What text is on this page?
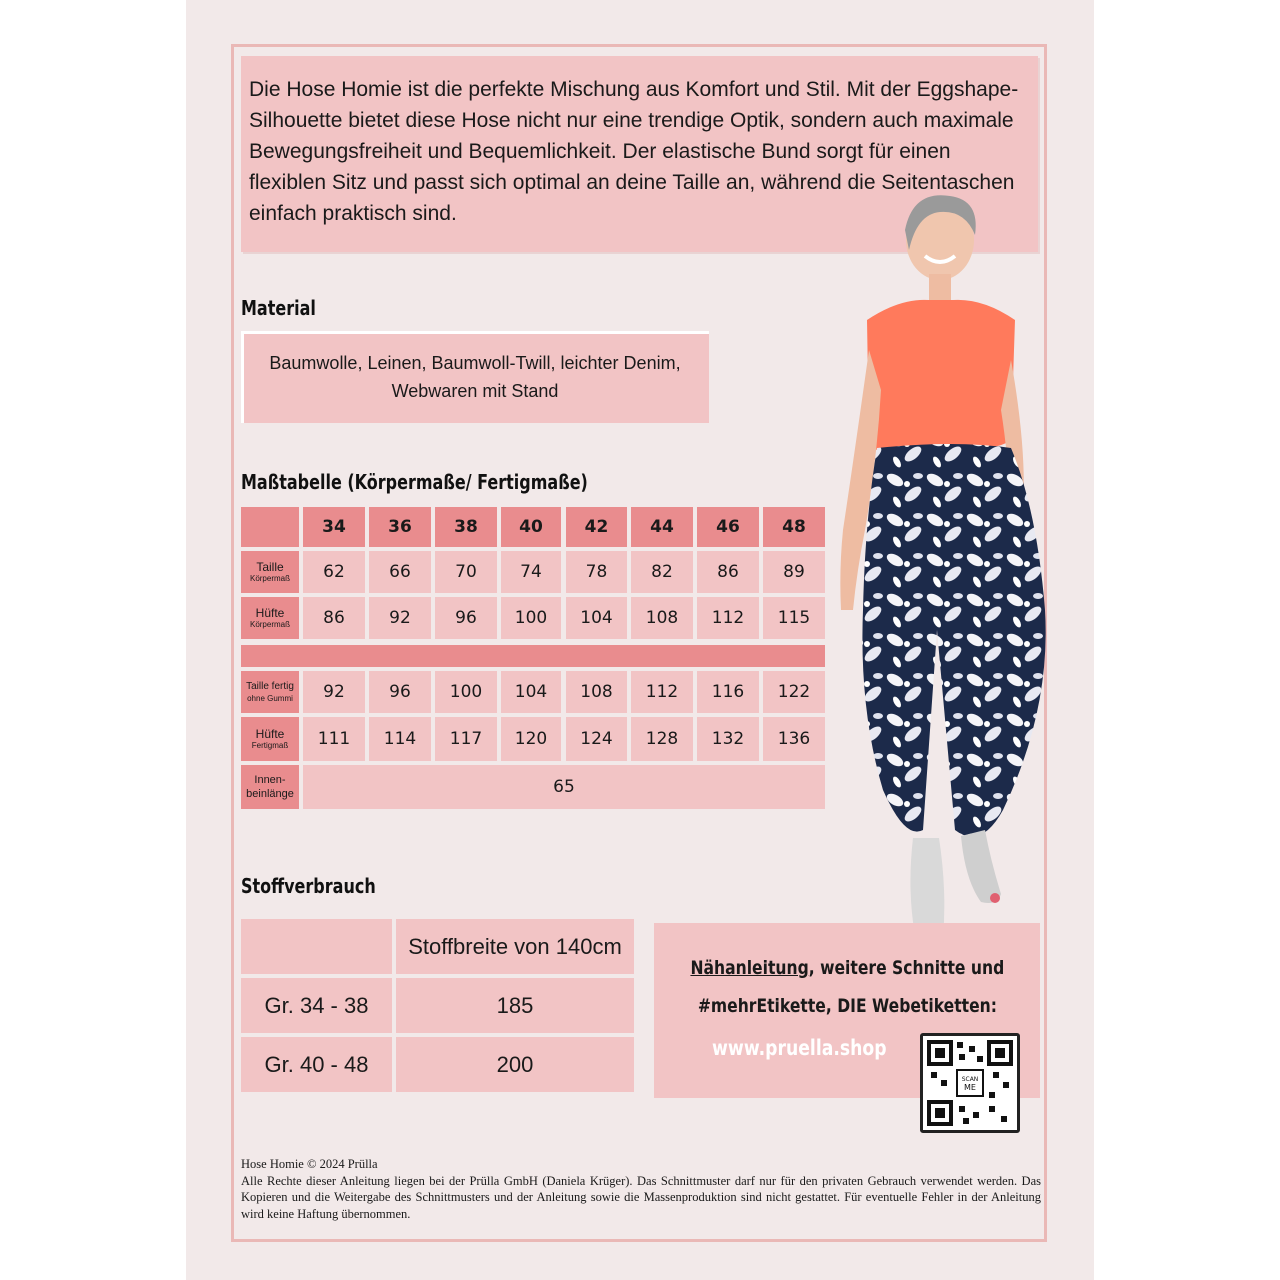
Die Hose Homie ist die perfekte Mischung aus Komfort und Stil. Mit der Eggshape-Silhouette bietet diese Hose nicht nur eine trendige Optik, sondern auch maximale Bewegungsfreiheit und Bequemlichkeit. Der elastische Bund sorgt für einen flexiblen Sitz und passt sich optimal an deine Taille an, während die Seitentaschen einfach praktisch sind.

Material
Baumwolle, Leinen, Baumwoll-Twill, leichter Denim,
Webwaren mit Stand
Maßtabelle (Körpermaße/ Fertigmaße)
34	36	38	40	42	44	46	48
Taille
Körpermaß	62	66	70	74	78	82	86	89
Hüfte
Körpermaß	86	92	96	100	104	108	112	115
Taille fertig
ohne Gummi	92	96	100	104	108	112	116	122
Hüfte
Fertigmaß	111	114	117	120	124	128	132	136
Innen-
beinlänge	65
Stoffverbrauch
Stoffbreite von 140cm
Gr. 34 - 38	185
Gr. 40 - 48	200
Nähanleitung, weitere Schnitte und
#mehrEtikette, DIE Webetiketten:
www.pruella.shop
SCAN
ME
Hose Homie © 2024 Prülla
Alle Rechte dieser Anleitung liegen bei der Prülla GmbH (Daniela Krüger). Das Schnittmuster darf nur für den privaten Gebrauch verwendet werden. Das Kopieren und die Weitergabe des Schnittmusters und der Anleitung sowie die Massenproduktion sind nicht gestattet. Für eventuelle Fehler in der Anleitung wird keine Haftung übernommen.
